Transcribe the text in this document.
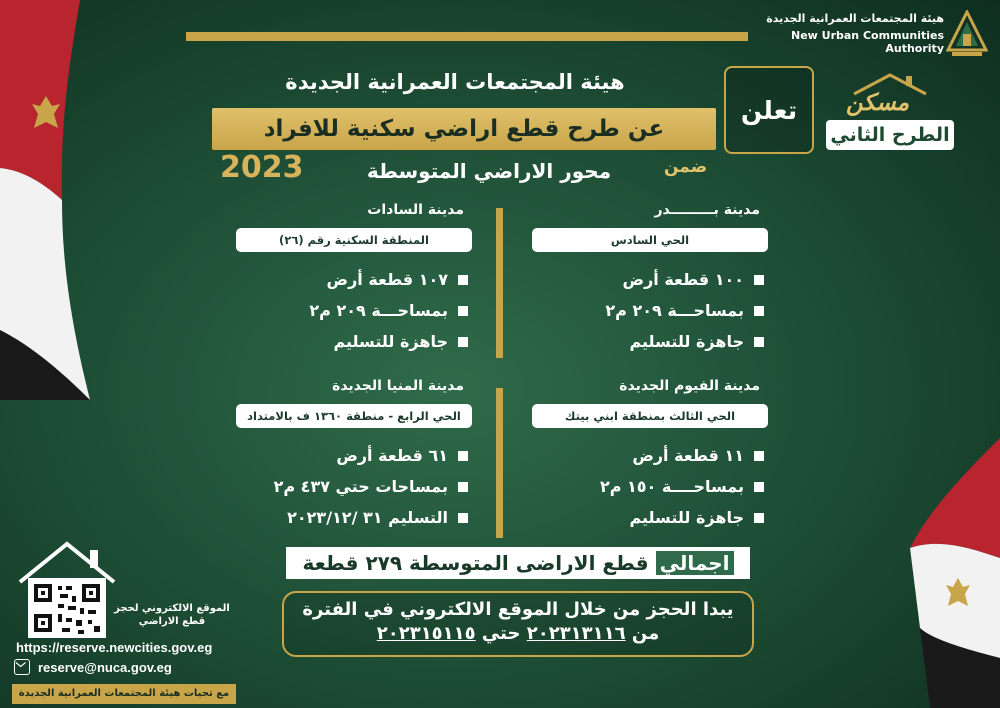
هيئة المجتمعات العمرانية الجديدة
New Urban Communities Authority
هيئة المجتمعات العمرانية الجديدة
عن طرح قطع اراضي سكنية للافراد
تعلن
2023	محور الاراضي المتوسطة	ضمن
مسكن
الطرح الثاني
مدينة بـــــــــدر
الحي السادس
١٠٠ قطعة أرض
بمساحـــة ٢٠٩ م٢
جاهزة للتسليم
مدينة السادات
المنطقة السكنية رقم (٢٦)
١٠٧ قطعة أرض
بمساحـــة ٢٠٩ م٢
جاهزة للتسليم
مدينة الفيوم الجديدة
الحي الثالث بمنطقة ابني بيتك
١١ قطعة أرض
بمساحــــة ١٥٠ م٢
جاهزة للتسليم
مدينة المنيا الجديدة
الحي الرابع - منطقة ١٣٦٠ ف بالامتداد
٦١ قطعة أرض
بمساحات حتي ٤٣٧ م٢
التسليم ٣١ /٢٠٢٣/١٢
اجمالي قطع الاراضى المتوسطة ٢٧٩ قطعة
يبدا الحجز من خلال الموقع الالكتروني في الفترة
من ٢٠٢٣١٣١١٦ حتي ٢٠٢٣١٥١١٥
الموقع الالكتروني لحجز قطع الاراضي
https://reserve.newcities.gov.eg
reserve@nuca.gov.eg
مع تحيات هيئة المجتمعات العمرانية الجديدة
